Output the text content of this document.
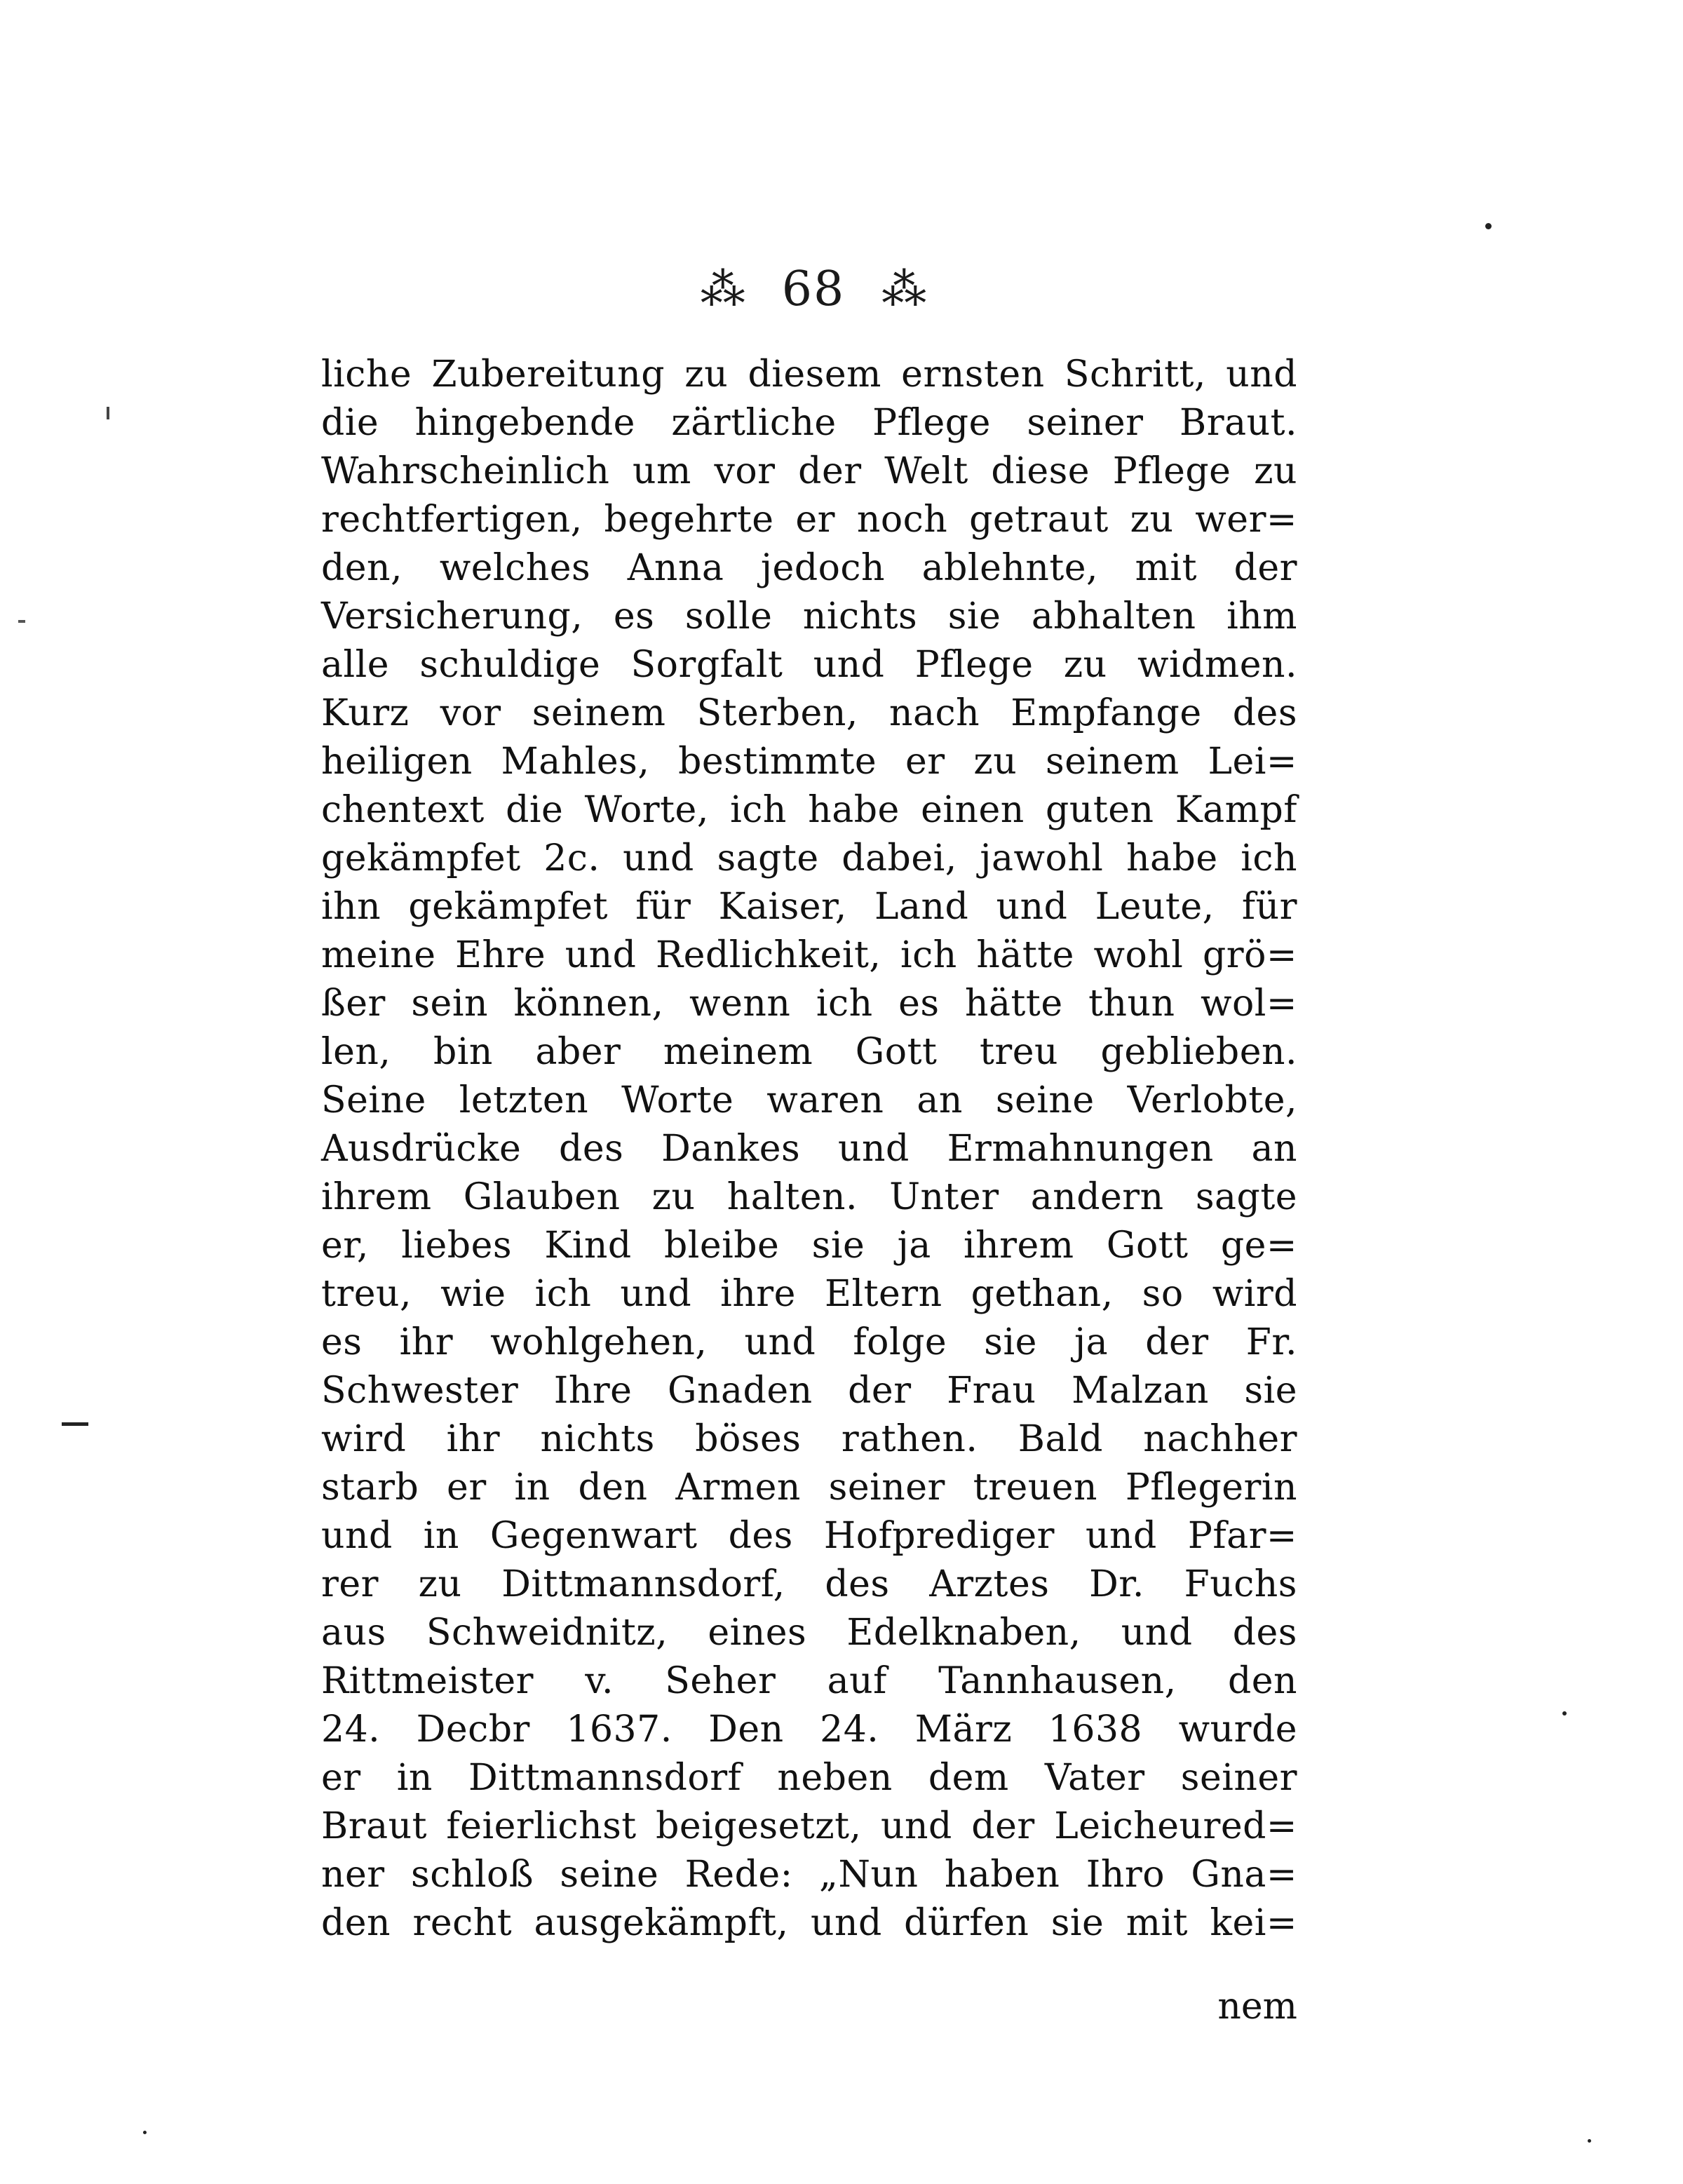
⁂ 68 ⁂
liche Zubereitung zu diesem ernsten Schritt, und
die hingebende zärtliche Pflege seiner Braut.
Wahrscheinlich um vor der Welt diese Pflege zu
rechtfertigen, begehrte er noch getraut zu wer=
den, welches Anna jedoch ablehnte, mit der
Versicherung, es solle nichts sie abhalten ihm
alle schuldige Sorgfalt und Pflege zu widmen.
Kurz vor seinem Sterben, nach Empfange des
heiligen Mahles, bestimmte er zu seinem Lei=
chentext die Worte, ich habe einen guten Kampf
gekämpfet 2c. und sagte dabei, jawohl habe ich
ihn gekämpfet für Kaiser, Land und Leute, für
meine Ehre und Redlichkeit, ich hätte wohl grö=
ßer sein können, wenn ich es hätte thun wol=
len, bin aber meinem Gott treu geblieben.
Seine letzten Worte waren an seine Verlobte,
Ausdrücke des Dankes und Ermahnungen an
ihrem Glauben zu halten. Unter andern sagte
er, liebes Kind bleibe sie ja ihrem Gott ge=
treu, wie ich und ihre Eltern gethan, so wird
es ihr wohlgehen, und folge sie ja der Fr.
Schwester Ihre Gnaden der Frau Malzan sie
wird ihr nichts böses rathen. Bald nachher
starb er in den Armen seiner treuen Pflegerin
und in Gegenwart des Hofprediger und Pfar=
rer zu Dittmannsdorf, des Arztes Dr. Fuchs
aus Schweidnitz, eines Edelknaben, und des
Rittmeister v. Seher auf Tannhausen, den
24. Decbr 1637. Den 24. März 1638 wurde
er in Dittmannsdorf neben dem Vater seiner
Braut feierlichst beigesetzt, und der Leicheured=
ner schloß seine Rede: „Nun haben Ihro Gna=
den recht ausgekämpft, und dürfen sie mit kei=
nem
